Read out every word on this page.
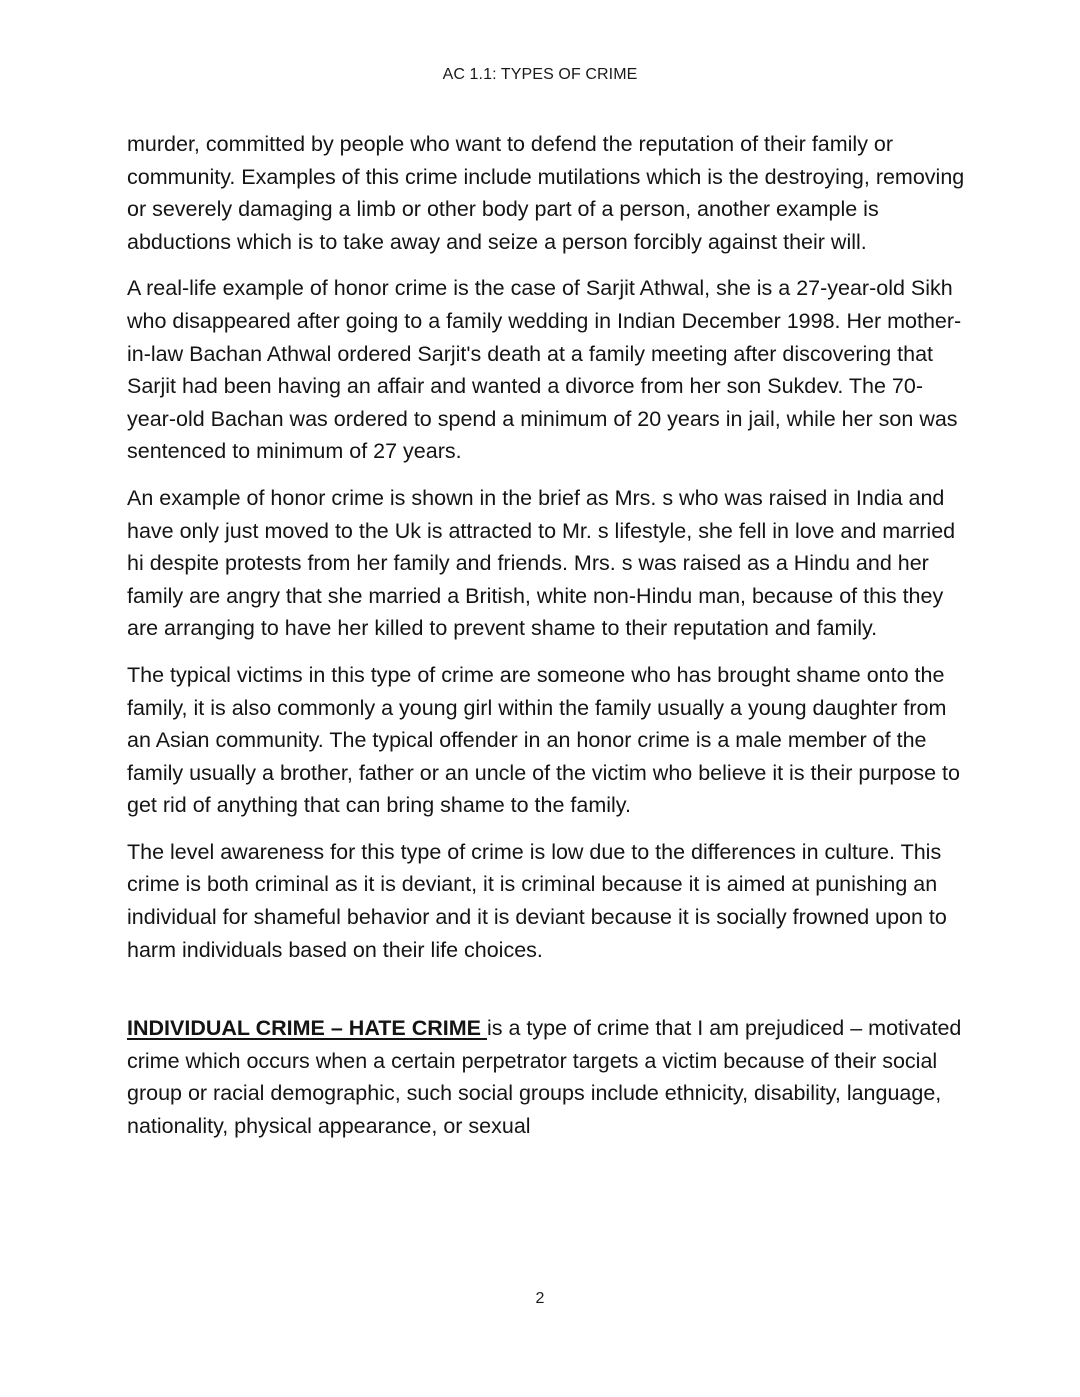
AC 1.1: TYPES OF CRIME

murder, committed by people who want to defend the reputation of their family or community. Examples of this crime include mutilations which is the destroying, removing or severely damaging a limb or other body part of a person, another example is abductions which is to take away and seize a person forcibly against their will.

A real-life example of honor crime is the case of Sarjit Athwal, she is a 27-year-old Sikh who disappeared after going to a family wedding in Indian December 1998. Her mother-in-law Bachan Athwal ordered Sarjit's death at a family meeting after discovering that Sarjit had been having an affair and wanted a divorce from her son Sukdev. The 70-year-old Bachan was ordered to spend a minimum of 20 years in jail, while her son was sentenced to minimum of 27 years.

An example of honor crime is shown in the brief as Mrs. s who was raised in India and have only just moved to the Uk is attracted to Mr. s lifestyle, she fell in love and married hi despite protests from her family and friends. Mrs. s was raised as a Hindu and her family are angry that she married a British, white non-Hindu man, because of this they are arranging to have her killed to prevent shame to their reputation and family.

The typical victims in this type of crime are someone who has brought shame onto the family, it is also commonly a young girl within the family usually a young daughter from an Asian community. The typical offender in an honor crime is a male member of the family usually a brother, father or an uncle of the victim who believe it is their purpose to get rid of anything that can bring shame to the family.

The level awareness for this type of crime is low due to the differences in culture. This crime is both criminal as it is deviant, it is criminal because it is aimed at punishing an individual for shameful behavior and it is deviant because it is socially frowned upon to harm individuals based on their life choices.

INDIVIDUAL CRIME – HATE CRIME is a type of crime that I am prejudiced – motivated crime which occurs when a certain perpetrator targets a victim because of their social group or racial demographic, such social groups include ethnicity, disability, language, nationality, physical appearance, or sexual

2
